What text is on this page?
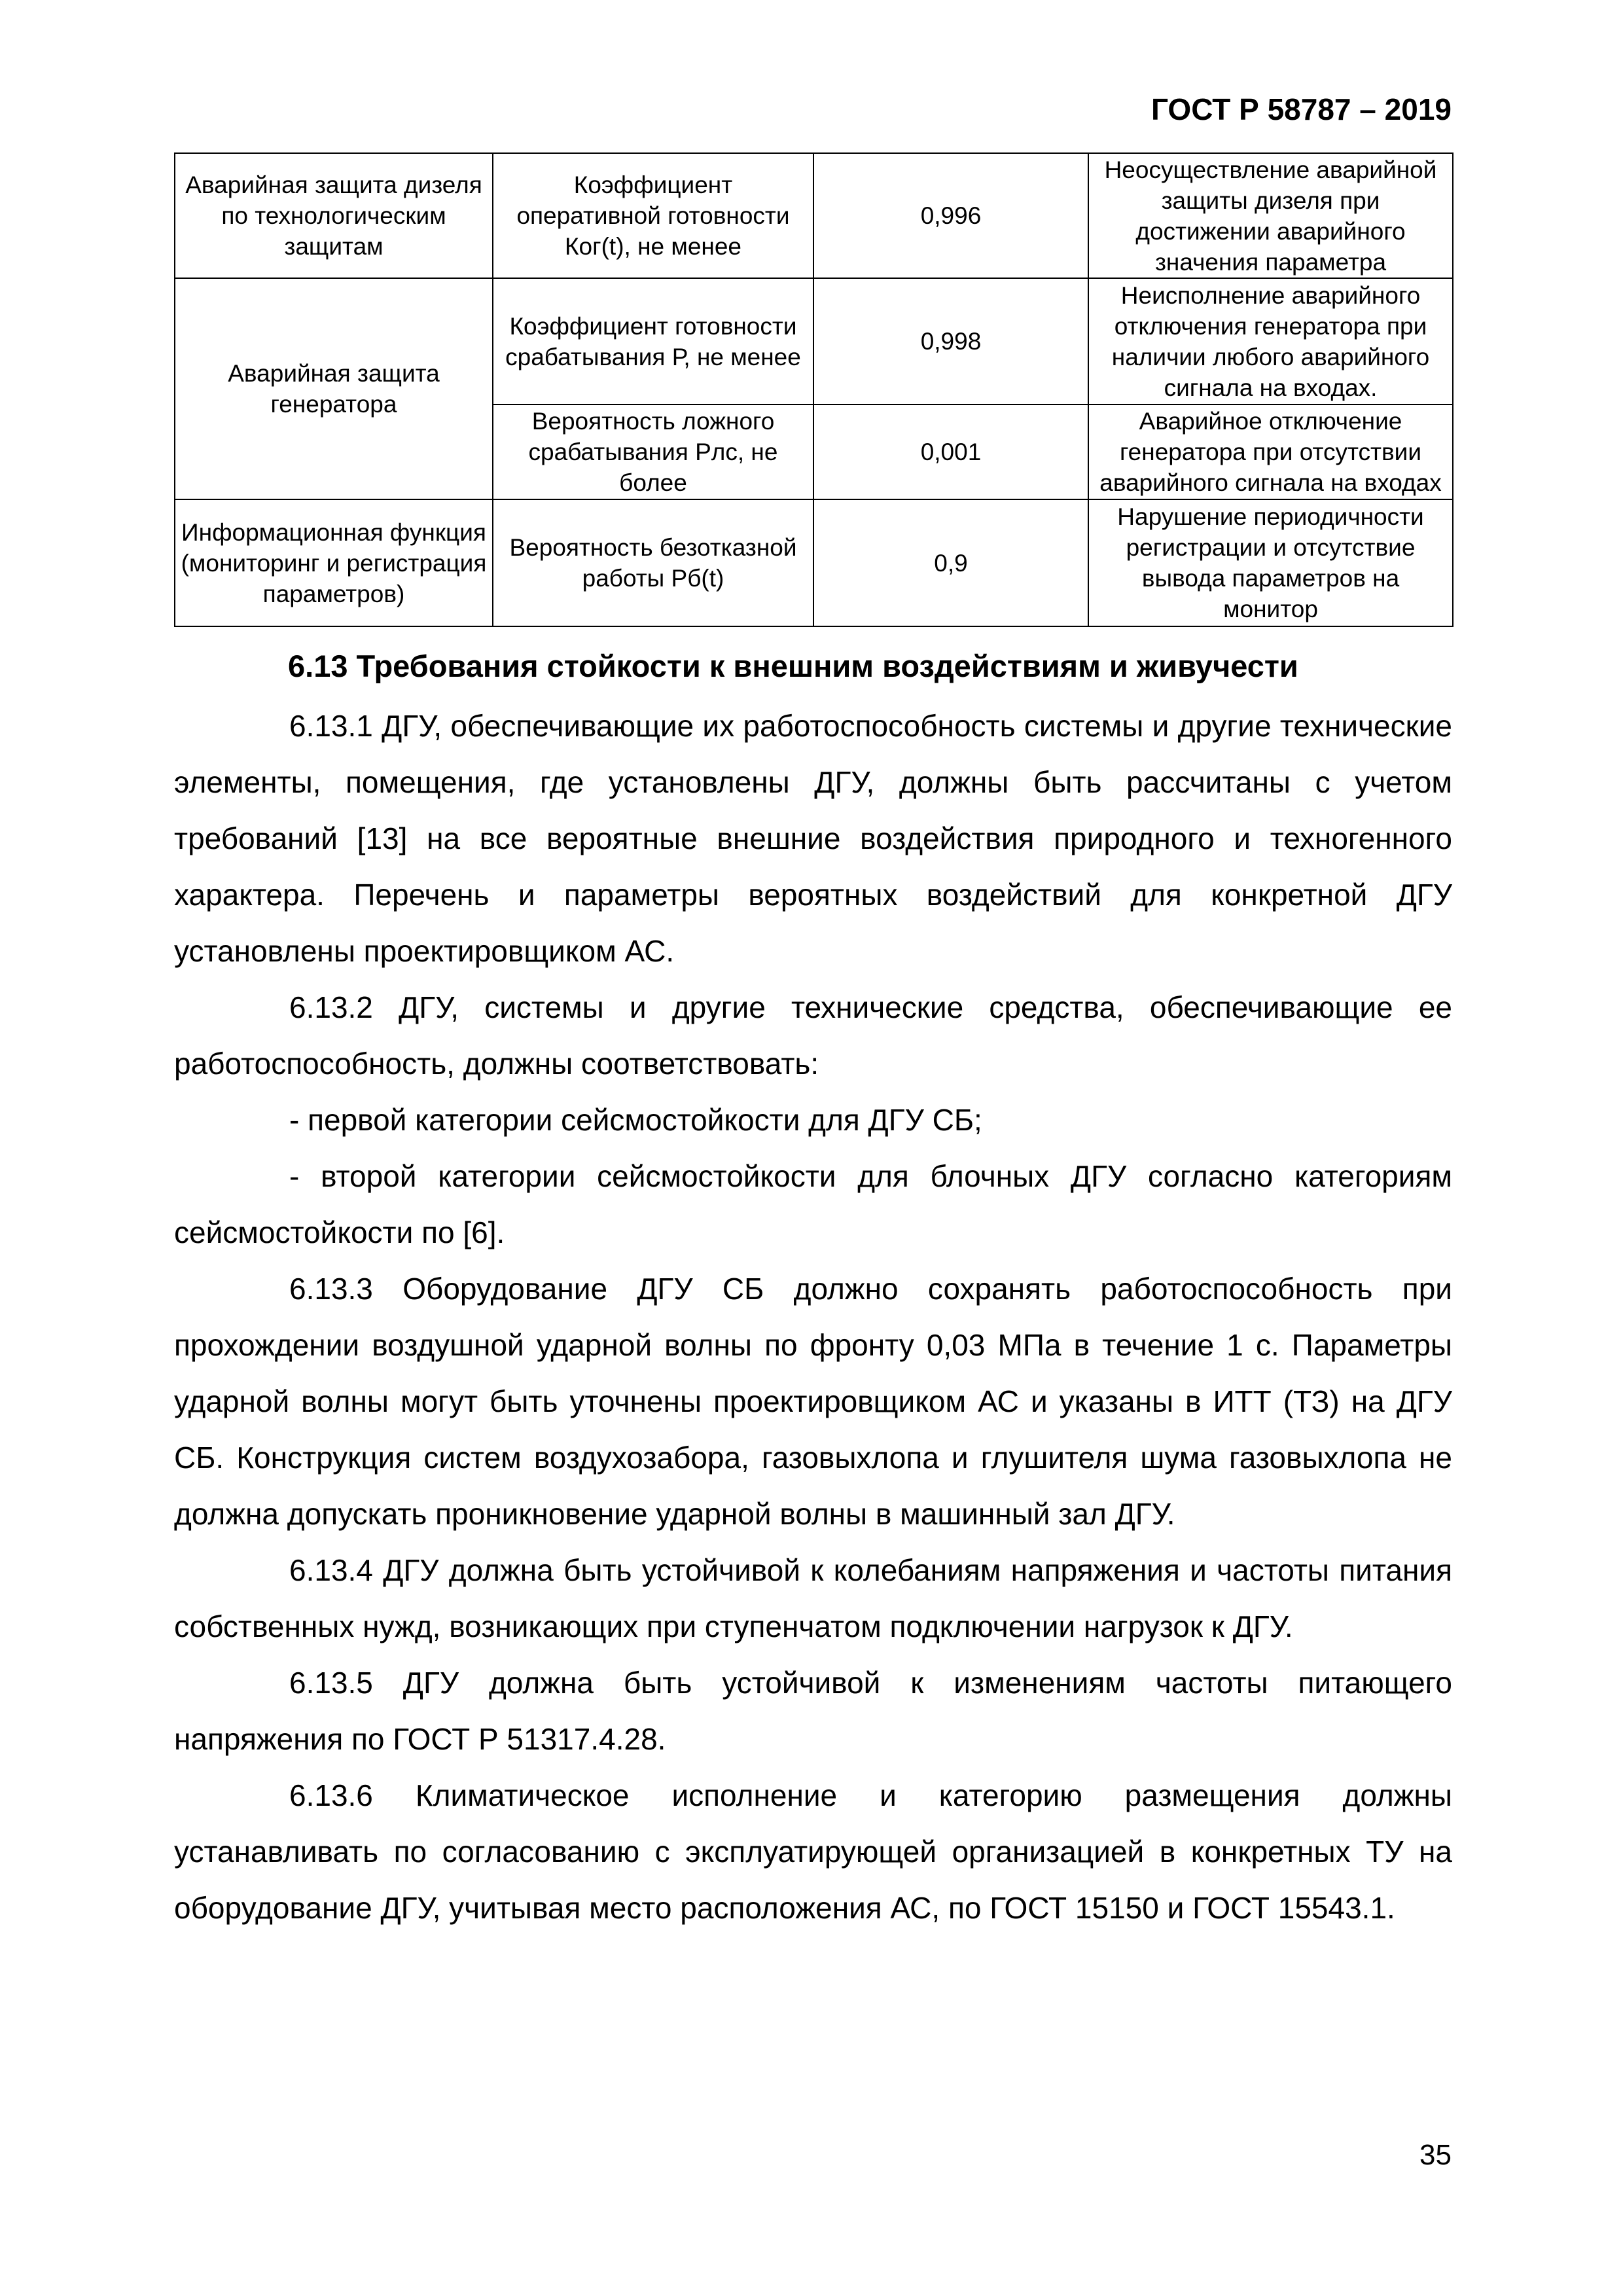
ГОСТ Р 58787 – 2019
Аварийная защита дизеля по технологическим защитам	Коэффициент оперативной готовности Ког(t), не менее	0,996	Неосуществление аварийной защиты дизеля при достижении аварийного значения параметра
Аварийная защита генератора	Коэффициент готовности срабатывания Р, не менее	0,998	Неисполнение аварийного отключения генератора при наличии любого аварийного сигнала на входах.
	Вероятность ложного срабатывания Рлс, не более	0,001	Аварийное отключение генератора при отсутствии аварийного сигнала на входах
Информационная функция (мониторинг и регистрация параметров)	Вероятность безотказной работы Рб(t)	0,9	Нарушение периодичности регистрации и отсутствие вывода параметров на монитор
6.13 Требования стойкости к внешним воздействиям и живучести

6.13.1 ДГУ, обеспечивающие их работоспособность системы и другие технические элементы, помещения, где установлены ДГУ, должны быть рассчитаны с учетом требований [13] на все вероятные внешние воздействия природного и техногенного характера. Перечень и параметры вероятных воздействий для конкретной ДГУ установлены проектировщиком АС.

6.13.2 ДГУ, системы и другие технические средства, обеспечивающие ее работоспособность, должны соответствовать:

- первой категории сейсмостойкости для ДГУ СБ;

- второй категории сейсмостойкости для блочных ДГУ согласно категориям сейсмостойкости по [6].

6.13.3 Оборудование ДГУ СБ должно сохранять работоспособность при прохождении воздушной ударной волны по фронту 0,03 МПа в течение 1 с. Параметры ударной волны могут быть уточнены проектировщиком АС и указаны в ИТТ (ТЗ) на ДГУ СБ. Конструкция систем воздухозабора, газовыхлопа и глушителя шума газовыхлопа не должна допускать проникновение ударной волны в машинный зал ДГУ.

6.13.4 ДГУ должна быть устойчивой к колебаниям напряжения и частоты питания собственных нужд, возникающих при ступенчатом подключении нагрузок к ДГУ.

6.13.5 ДГУ должна быть устойчивой к изменениям частоты питающего напряжения по ГОСТ Р 51317.4.28.

6.13.6 Климатическое исполнение и категорию размещения должны устанавливать по согласованию с эксплуатирующей организацией в конкретных ТУ на оборудование ДГУ, учитывая место расположения АС, по ГОСТ 15150 и ГОСТ 15543.1.

35
